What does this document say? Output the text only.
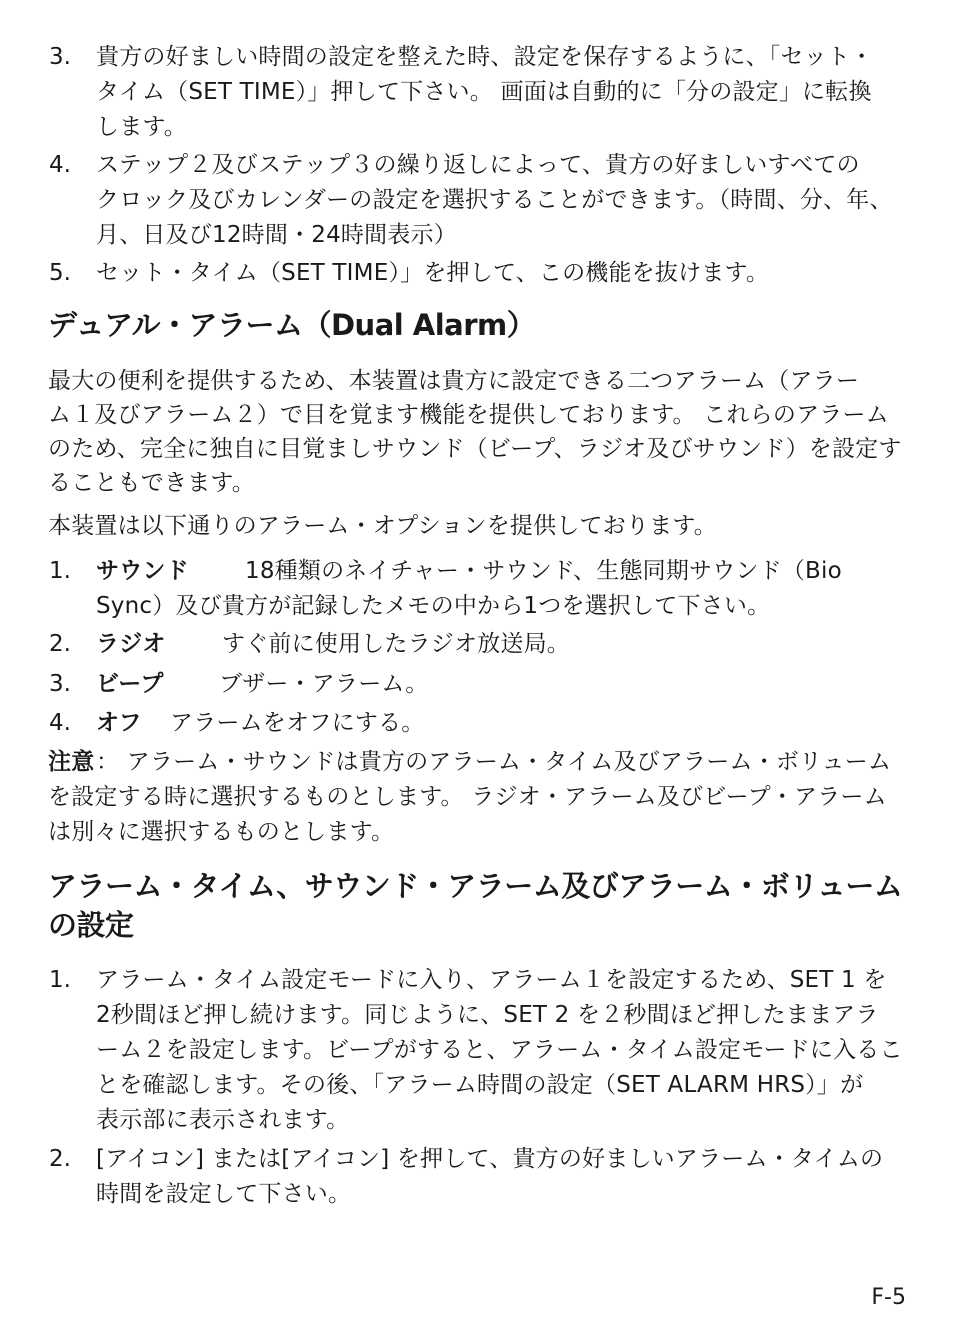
3. 貴方の好ましい時間の設定を整えた時、設定を保存するように、「セット・
タイム（SET TIME）」押して下さい。 画面は自動的に「分の設定」に転換
します。
4. ステップ２及びステップ３の繰り返しによって、貴方の好ましいすべての
クロック及びカレンダーの設定を選択することができます。（時間、分、年、
月、日及び12時間・24時間表示）
5. セット・タイム（SET TIME）」を押して、この機能を抜けます。
デュアル・アラーム（Dual Alarm）
最大の便利を提供するため、本装置は貴方に設定できる二つアラーム（アラー
ム１及びアラーム２）で目を覚ます機能を提供しております。 これらのアラーム
のため、完全に独自に目覚ましサウンド（ビープ、ラジオ及びサウンド）を設定す
ることもできます。
本装置は以下通りのアラーム・オプションを提供しております。
1. サウンド 18種類のネイチャー・サウンド、生態同期サウンド（Bio
Sync）及び貴方が記録したメモの中から1つを選択して下さい。
2. ラジオ すぐ前に使用したラジオ放送局。
3. ビープ ブザー・アラーム。
4. オフ アラームをオフにする。
注意 ： アラーム・サウンドは貴方のアラーム・タイム及びアラーム・ボリューム
を設定する時に選択するものとします。 ラジオ・アラーム及びビープ・アラーム
は別々に選択するものとします。
アラーム・タイム、サウンド・アラーム及びアラーム・ボリューム
の設定
1. アラーム・タイム設定モードに入り、アラーム１を設定するため、SET 1 を
2秒間ほど押し続けます。同じように、SET 2 を２秒間ほど押したままアラ
ーム２を設定します。ビープがすると、アラーム・タイム設定モードに入るこ
とを確認します。その後、「アラーム時間の設定（SET ALARM HRS）」が
表示部に表示されます。
2. [アイコン] または[アイコン] を押して、貴方の好ましいアラーム・タイムの
時間を設定して下さい。
F-5
